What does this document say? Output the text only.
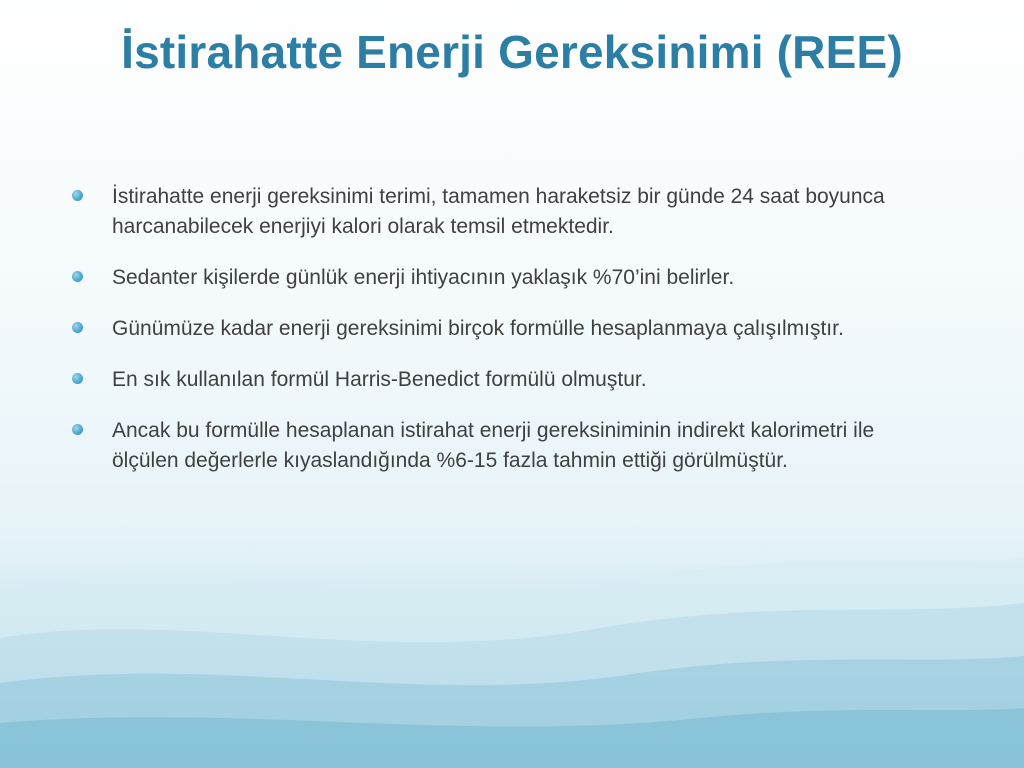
İstirahatte Enerji Gereksinimi (REE)
İstirahatte enerji gereksinimi terimi, tamamen haraketsiz bir günde 24 saat boyunca harcanabilecek enerjiyi kalori olarak temsil etmektedir.
Sedanter kişilerde günlük enerji ihtiyacının yaklaşık %70’ini belirler.
Günümüze kadar enerji gereksinimi birçok formülle hesaplanmaya çalışılmıştır.
En sık kullanılan formül Harris-Benedict formülü olmuştur.
Ancak bu formülle hesaplanan istirahat enerji gereksiniminin indirekt kalorimetri ile ölçülen değerlerle kıyaslandığında %6-15 fazla tahmin ettiği görülmüştür.
